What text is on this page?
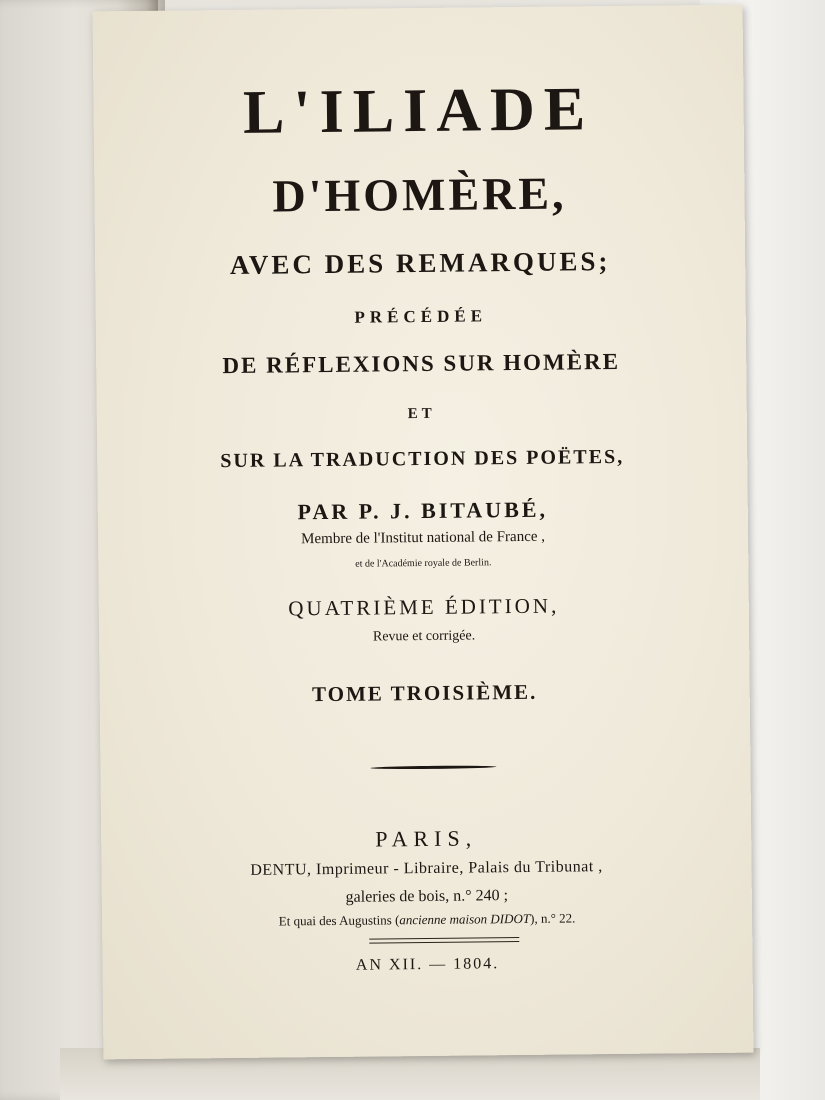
L'ILIADE
D'HOMÈRE,
AVEC DES REMARQUES;
PRÉCÉDÉE
DE RÉFLEXIONS SUR HOMÈRE
ET
SUR LA TRADUCTION DES POËTES,
PAR P. J. BITAUBÉ,
Membre de l'Institut national de France ,
et de l'Académie royale de Berlin.
QUATRIÈME ÉDITION,
Revue et corrigée.
TOME TROISIÈME.
PARIS,
DENTU, Imprimeur - Libraire, Palais du Tribunat ,
galeries de bois, n.° 240 ;
Et quai des Augustins (ancienne maison DIDOT), n.° 22.
AN XII. — 1804.
